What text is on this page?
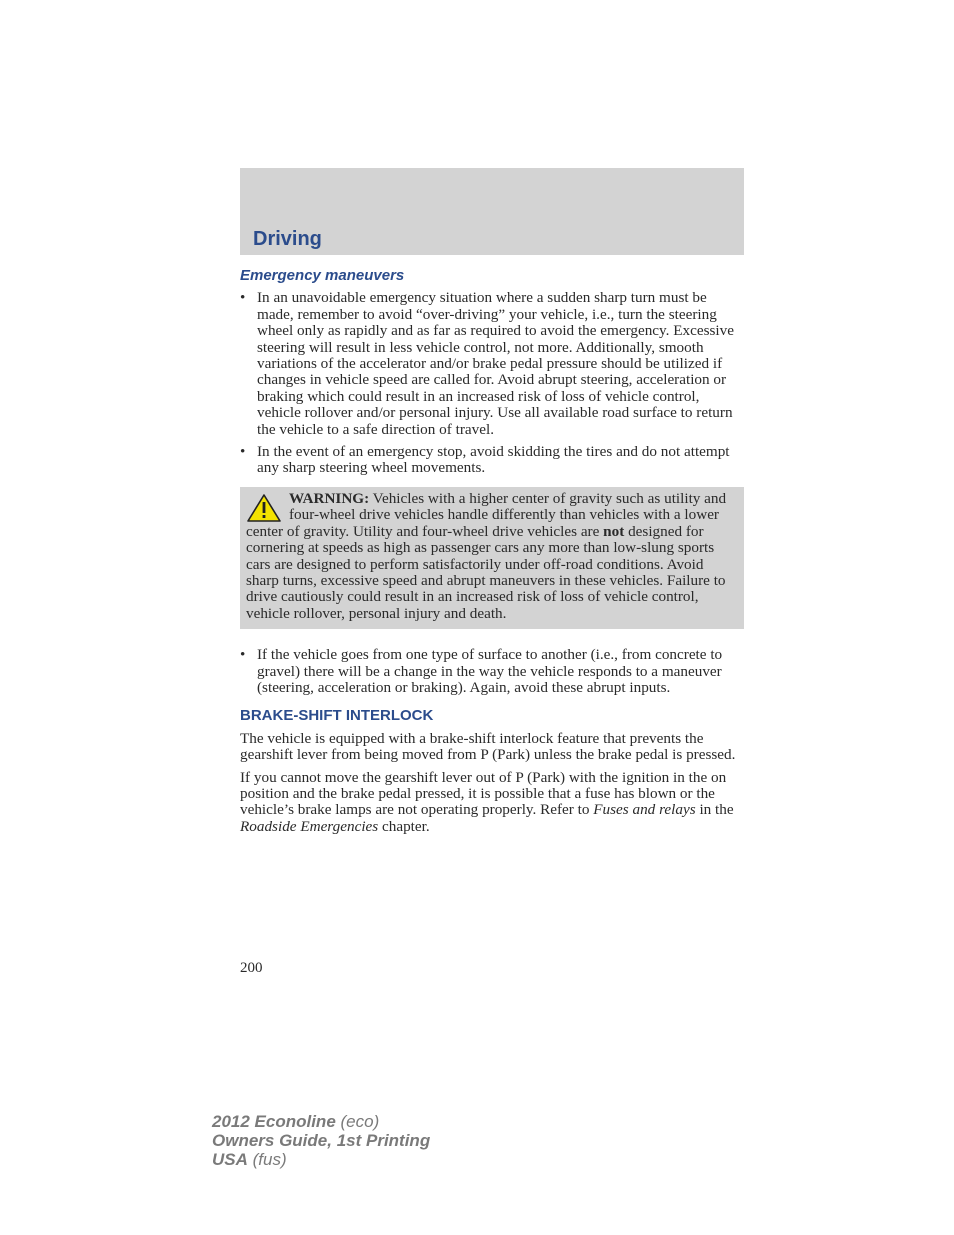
Driving
Emergency maneuvers
• In an unavoidable emergency situation where a sudden sharp turn must be made, remember to avoid “over-driving” your vehicle, i.e., turn the steering wheel only as rapidly and as far as required to avoid the emergency. Excessive steering will result in less vehicle control, not more. Additionally, smooth variations of the accelerator and/or brake pedal pressure should be utilized if changes in vehicle speed are called for. Avoid abrupt steering, acceleration or braking which could result in an increased risk of loss of vehicle control, vehicle rollover and/or personal injury. Use all available road surface to return the vehicle to a safe direction of travel.
• In the event of an emergency stop, avoid skidding the tires and do not attempt any sharp steering wheel movements.
WARNING: Vehicles with a higher center of gravity such as utility and four-wheel drive vehicles handle differently than vehicles with a lower center of gravity. Utility and four-wheel drive vehicles are not designed for cornering at speeds as high as passenger cars any more than low-slung sports cars are designed to perform satisfactorily under off-road conditions. Avoid sharp turns, excessive speed and abrupt maneuvers in these vehicles. Failure to drive cautiously could result in an increased risk of loss of vehicle control, vehicle rollover, personal injury and death.
• If the vehicle goes from one type of surface to another (i.e., from concrete to gravel) there will be a change in the way the vehicle responds to a maneuver (steering, acceleration or braking). Again, avoid these abrupt inputs.
BRAKE-SHIFT INTERLOCK

The vehicle is equipped with a brake-shift interlock feature that prevents the gearshift lever from being moved from P (Park) unless the brake pedal is pressed.

If you cannot move the gearshift lever out of P (Park) with the ignition in the on position and the brake pedal pressed, it is possible that a fuse has blown or the vehicle’s brake lamps are not operating properly. Refer to Fuses and relays in the Roadside Emergencies chapter.

200
2012 Econoline (eco)
Owners Guide, 1st Printing
USA (fus)
